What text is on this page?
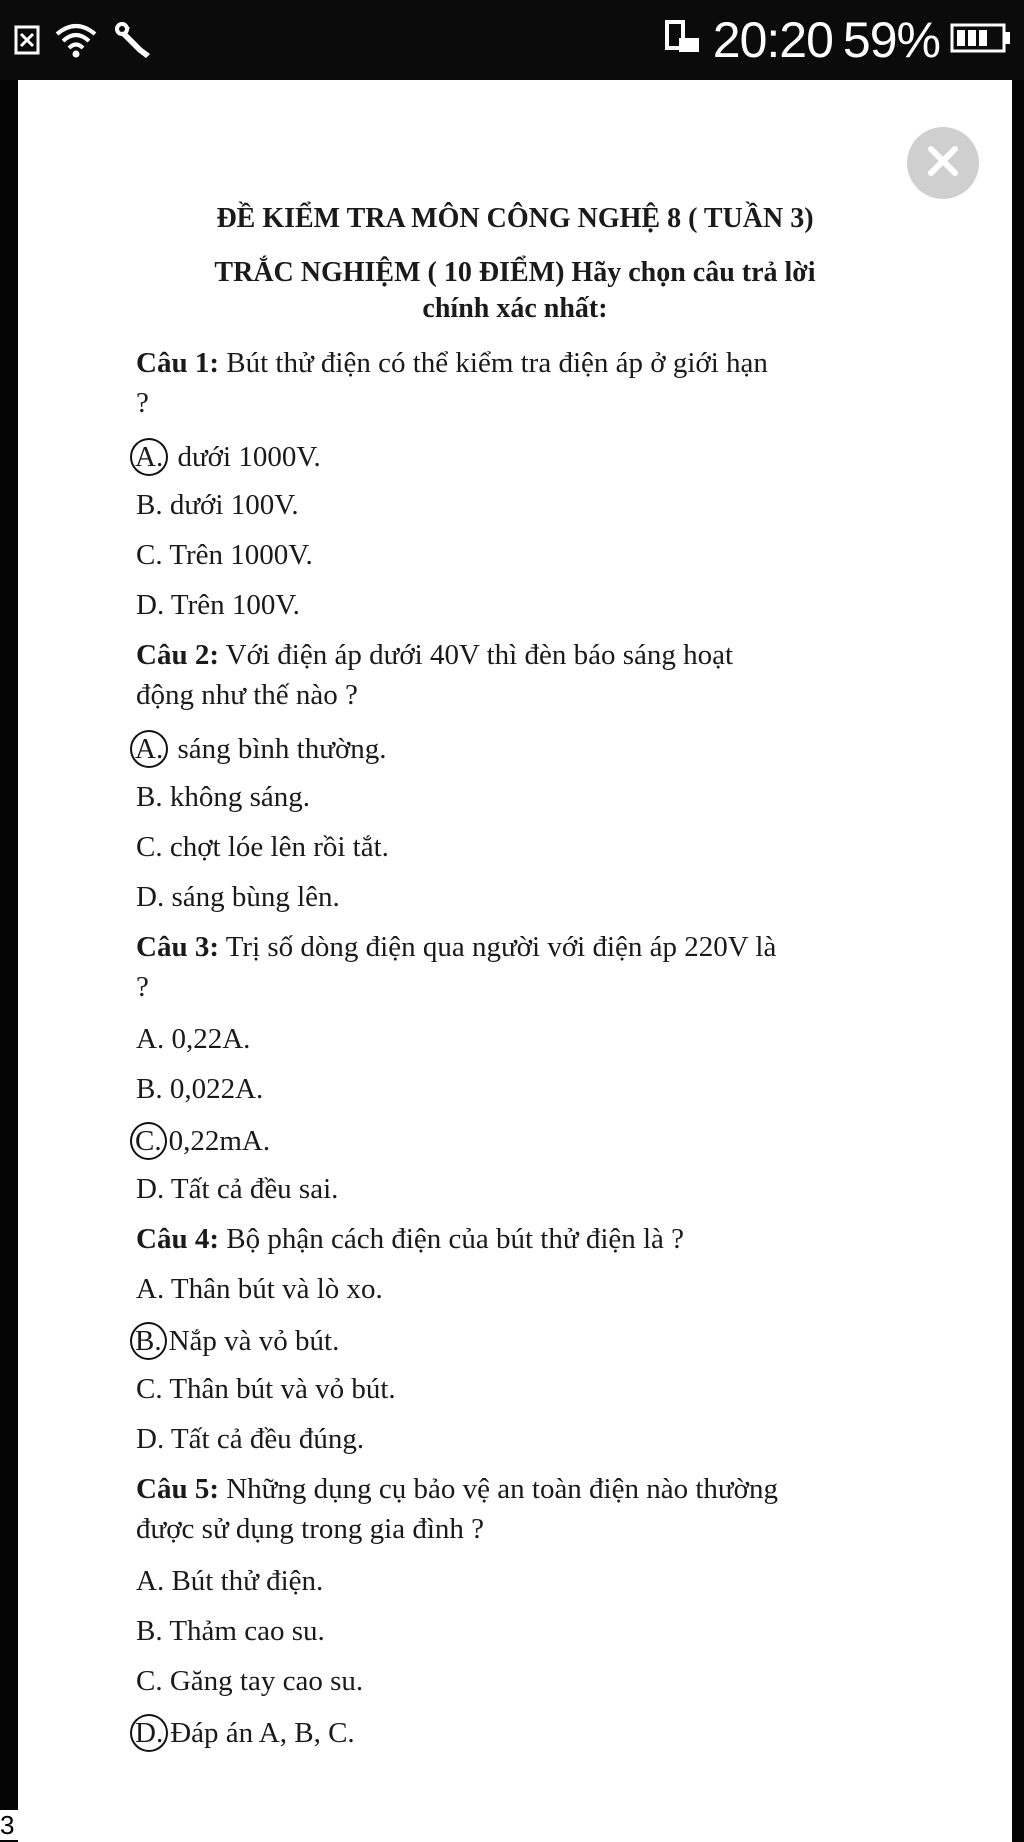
20:20 59%
ĐỀ KIỂM TRA MÔN CÔNG NGHỆ 8 ( TUẦN 3)
TRẮC NGHIỆM ( 10 ĐIỂM) Hãy chọn câu trả lời
chính xác nhất:
Câu 1: Bút thử điện có thể kiểm tra điện áp ở giới hạn
?
A. dưới 1000V.
B. dưới 100V.
C. Trên 1000V.
D. Trên 100V.
Câu 2: Với điện áp dưới 40V thì đèn báo sáng hoạt
động như thế nào ?
A. sáng bình thường.
B. không sáng.
C. chợt lóe lên rồi tắt.
D. sáng bùng lên.
Câu 3: Trị số dòng điện qua người với điện áp 220V là
?
A. 0,22A.
B. 0,022A.
C. 0,22mA.
D. Tất cả đều sai.
Câu 4: Bộ phận cách điện của bút thử điện là ?
A. Thân bút và lò xo.
B. Nắp và vỏ bút.
C. Thân bút và vỏ bút.
D. Tất cả đều đúng.
Câu 5: Những dụng cụ bảo vệ an toàn điện nào thường
được sử dụng trong gia đình ?
A. Bút thử điện.
B. Thảm cao su.
C. Găng tay cao su.
D. Đáp án A, B, C.
3
